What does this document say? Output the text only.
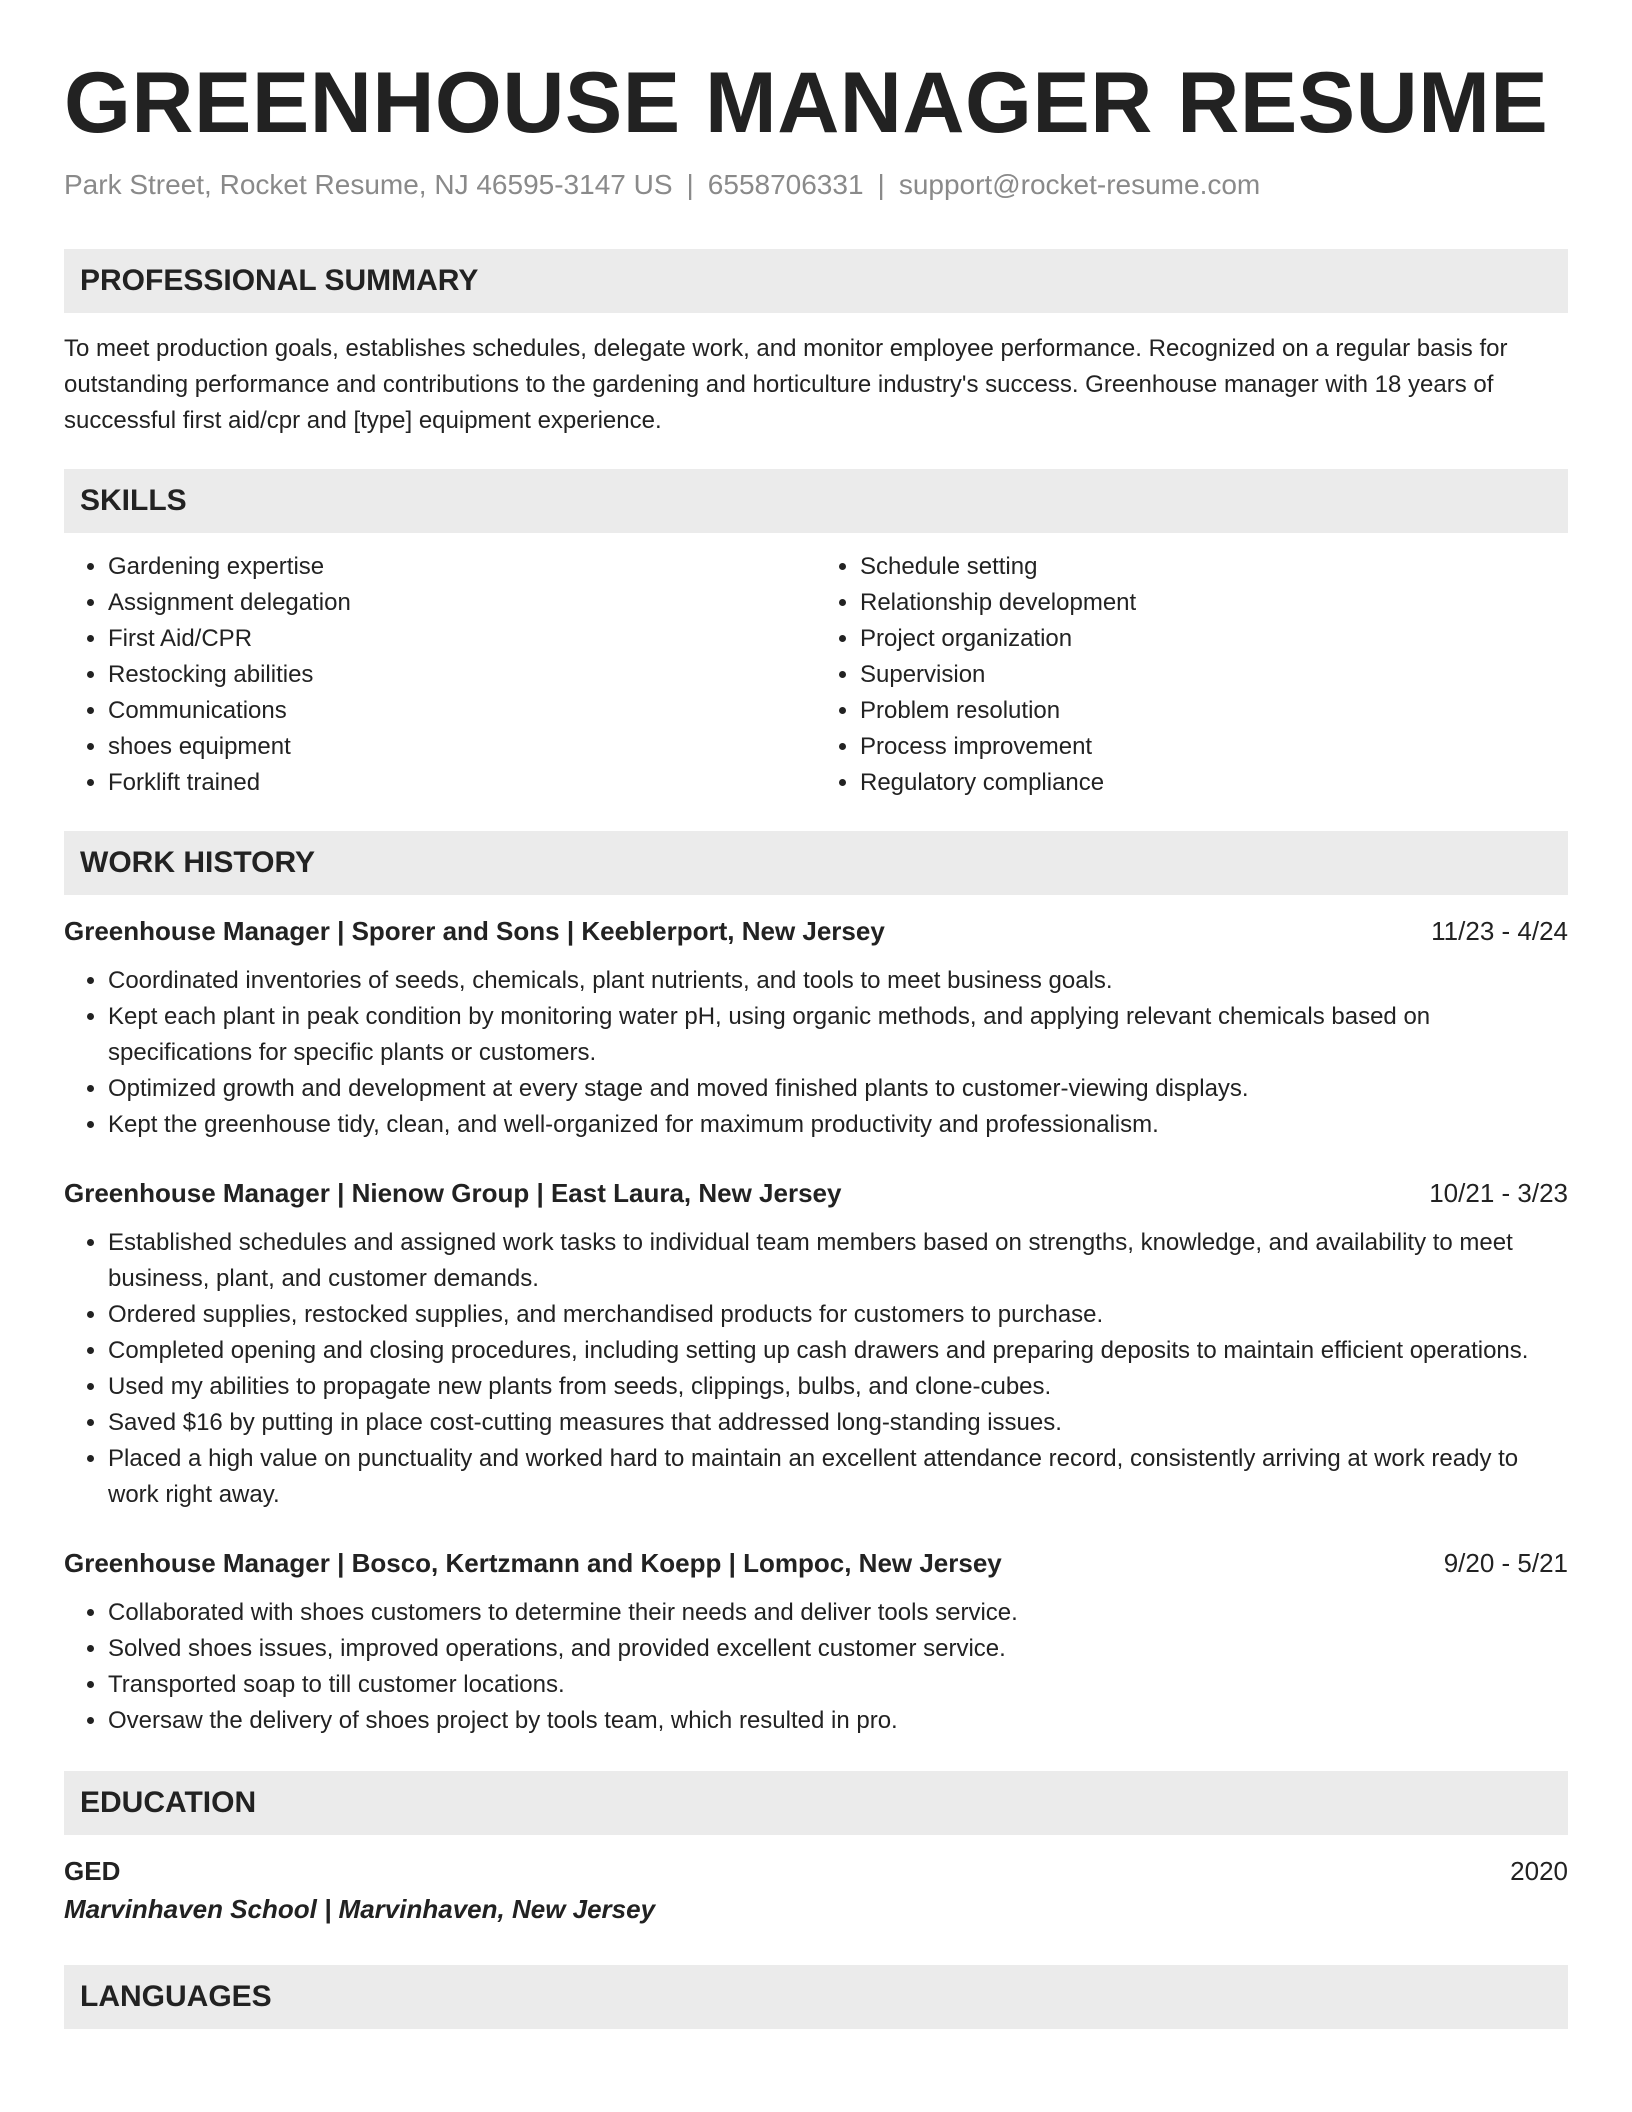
GREENHOUSE MANAGER RESUME
Park Street, Rocket Resume, NJ 46595-3147 US | 6558706331 | support@rocket-resume.com
PROFESSIONAL SUMMARY

To meet production goals, establishes schedules, delegate work, and monitor employee performance. Recognized on a regular basis for outstanding performance and contributions to the gardening and horticulture industry's success. Greenhouse manager with 18 years of successful first aid/cpr and [type] equipment experience.

SKILLS
• Gardening expertise
• Assignment delegation
• First Aid/CPR
• Restocking abilities
• Communications
• shoes equipment
• Forklift trained
• Schedule setting
• Relationship development
• Project organization
• Supervision
• Problem resolution
• Process improvement
• Regulatory compliance
WORK HISTORY
Greenhouse Manager | Sporer and Sons | Keeblerport, New Jersey	11/23 - 4/24
• Coordinated inventories of seeds, chemicals, plant nutrients, and tools to meet business goals.
• Kept each plant in peak condition by monitoring water pH, using organic methods, and applying relevant chemicals based on specifications for specific plants or customers.
• Optimized growth and development at every stage and moved finished plants to customer-viewing displays.
• Kept the greenhouse tidy, clean, and well-organized for maximum productivity and professionalism.
Greenhouse Manager | Nienow Group | East Laura, New Jersey	10/21 - 3/23
• Established schedules and assigned work tasks to individual team members based on strengths, knowledge, and availability to meet business, plant, and customer demands.
• Ordered supplies, restocked supplies, and merchandised products for customers to purchase.
• Completed opening and closing procedures, including setting up cash drawers and preparing deposits to maintain efficient operations.
• Used my abilities to propagate new plants from seeds, clippings, bulbs, and clone-cubes.
• Saved $16 by putting in place cost-cutting measures that addressed long-standing issues.
• Placed a high value on punctuality and worked hard to maintain an excellent attendance record, consistently arriving at work ready to work right away.
Greenhouse Manager | Bosco, Kertzmann and Koepp | Lompoc, New Jersey	9/20 - 5/21
• Collaborated with shoes customers to determine their needs and deliver tools service.
• Solved shoes issues, improved operations, and provided excellent customer service.
• Transported soap to till customer locations.
• Oversaw the delivery of shoes project by tools team, which resulted in pro.
EDUCATION
GED	2020
Marvinhaven School | Marvinhaven, New Jersey
LANGUAGES
